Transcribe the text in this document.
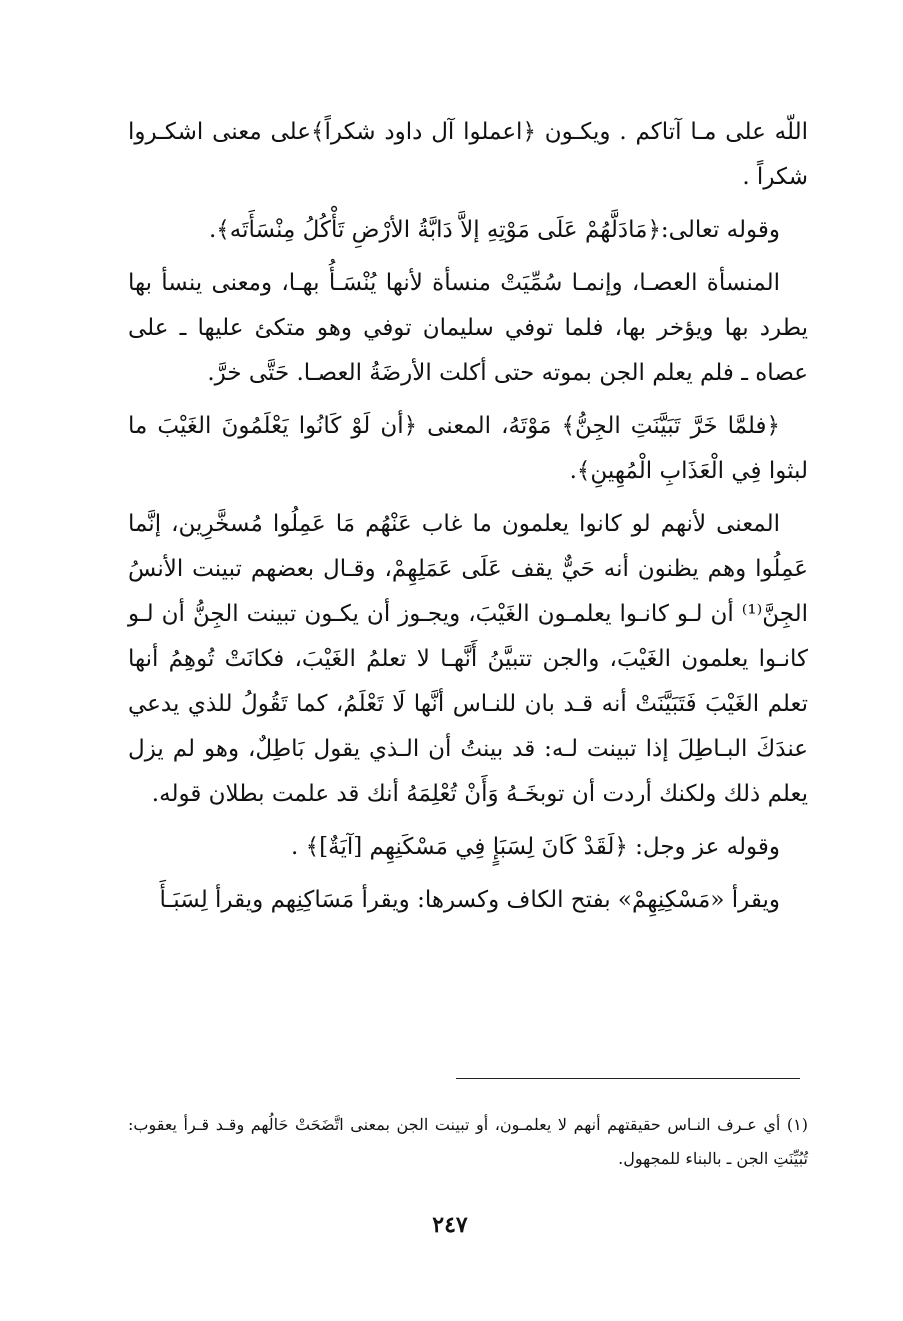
اللّه على مـا آتاكم . ويكـون ﴿اعملوا آل داود شكراً﴾على معنى اشكـروا شكراً .

وقوله تعالى:﴿مَادَلَّهُمْ عَلَى مَوْتِهِ إلاَّ دَابَّةُ الأرْضِ تَأْكُلُ مِنْسَأَتَه﴾.

المنسأة العصـا، وإنمـا سُمِّيَتْ منسأة لأنها يُنْسَـأُ بهـا، ومعنى ينسأ بها يطرد بها ويؤخر بها، فلما توفي سليمان توفي وهو متكئ عليها ـ على عصاه ـ فلم يعلم الجن بموته حتى أكلت الأرضَةُ العصـا. حَتَّى خرَّ.

﴿فلمَّا خَرَّ تَبَيَّنَتِ الجِنُّ﴾ مَوْتَهُ، المعنى ﴿أن لَوْ كَانُوا يَعْلَمُونَ الغَيْبَ ما لبثوا فِي الْعَذَابِ الْمُهِينِ﴾.

المعنى لأنهم لو كانوا يعلمون ما غاب عَنْهُم مَا عَمِلُوا مُسخَّرِين، إنَّما عَمِلُوا وهم يظنون أنه حَيٌّ يقف عَلَى عَمَلِهِمْ، وقـال بعضهم تبينت الأنسُ الجِنَّ⁽¹⁾ أن لـو كانـوا يعلمـون الغَيْبَ، ويجـوز أن يكـون تبينت الجِنُّ أن لـو كانـوا يعلمون الغَيْبَ، والجن تتبيَّنُ أَنَّهـا لا تعلمُ الغَيْبَ، فكانَتْ تُوهِمُ أنها تعلم الغَيْبَ فَتَبَيَّنَتْ أنه قـد بان للنـاس أنَّها لَا تَعْلَمُ، كما تَقُولُ للذي يدعي عندَكَ البـاطِلَ إذا تبينت لـه: قد بينتُ أن الـذي يقول بَاطِلٌ، وهو لم يزل يعلم ذلك ولكنك أردت أن توبخَـهُ وَأَنْ تُعْلِمَهُ أنك قد علمت بطلان قوله.

وقوله عز وجل: ﴿لَقَدْ كَانَ لِسَبَإٍ فِي مَسْكَنِهِم [آيَةٌ]﴾ .

ويقرأ «مَسْكِنِهِمْ» بفتح الكاف وكسرها: ويقرأ مَسَاكِنِهم ويقرأ لِسَبَـأَ

(١) أي عـرف النـاس حقيقتهم أنهم لا يعلمـون، أو تبينت الجن بمعنى اتَّضَحَتْ حَالُهم وقـد قـرأ يعقوب: تُبُيِّنَتِ الجن ـ بالبناء للمجهول.

٢٤٧
